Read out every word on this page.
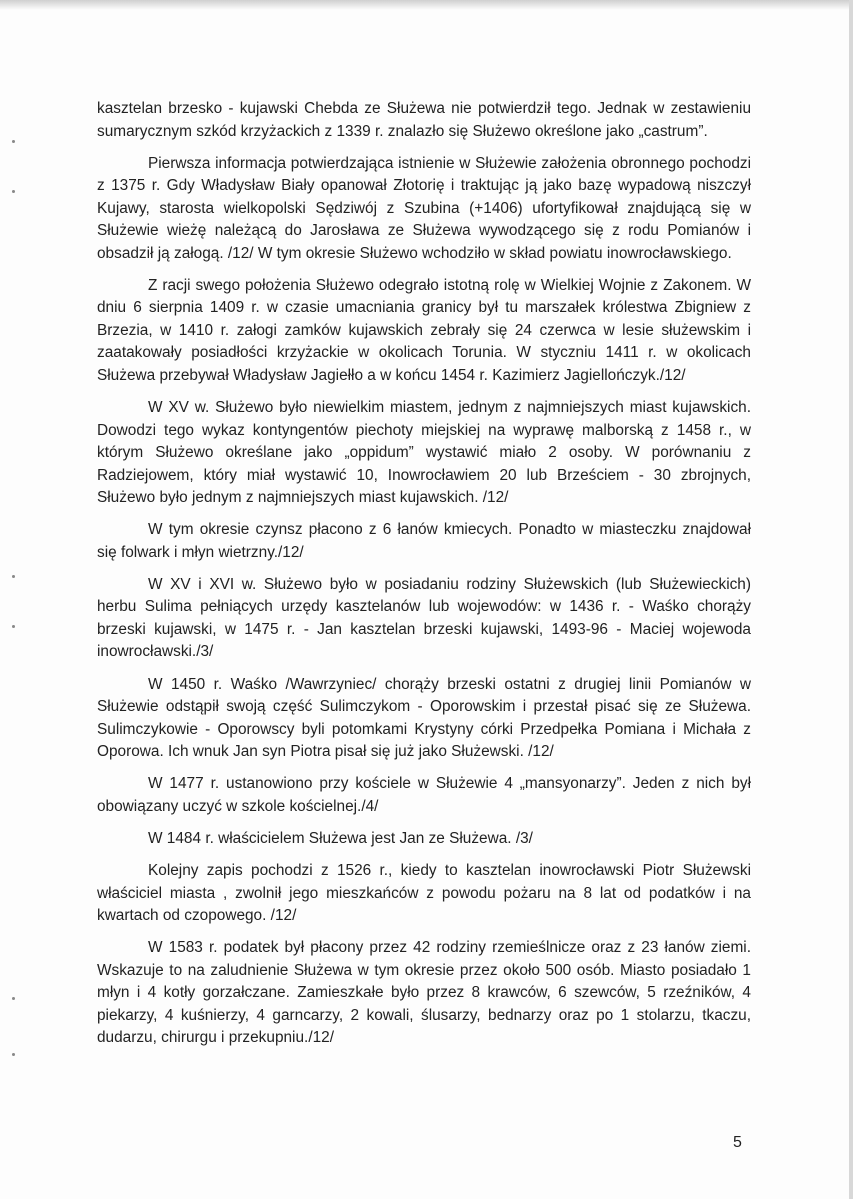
kasztelan brzesko - kujawski Chebda ze Służewa nie potwierdził tego. Jednak w zestawieniu sumarycznym szkód krzyżackich z 1339 r. znalazło się Służewo określone jako „castrum”.

Pierwsza informacja potwierdzająca istnienie w Służewie założenia obronnego pochodzi z 1375 r. Gdy Władysław Biały opanował Złotorię i traktując ją jako bazę wypadową niszczył Kujawy, starosta wielkopolski Sędziwój z Szubina (+1406) ufortyfikował znajdującą się w Służewie wieżę należącą do Jarosława ze Służewa wywodzącego się z rodu Pomianów i obsadził ją załogą. /12/ W tym okresie Służewo wchodziło w skład powiatu inowrocławskiego.

Z racji swego położenia Służewo odegrało istotną rolę w Wielkiej Wojnie z Zakonem. W dniu 6 sierpnia 1409 r. w czasie umacniania granicy był tu marszałek królestwa Zbigniew z Brzezia, w 1410 r. załogi zamków kujawskich zebrały się 24 czerwca w lesie służewskim i zaatakowały posiadłości krzyżackie w okolicach Torunia. W styczniu 1411 r. w okolicach Służewa przebywał Władysław Jagiełło a w końcu 1454 r. Kazimierz Jagiellończyk./12/

W XV w. Służewo było niewielkim miastem, jednym z najmniejszych miast kujawskich. Dowodzi tego wykaz kontyngentów piechoty miejskiej na wyprawę malborską z 1458 r., w którym Służewo określane jako „oppidum” wystawić miało 2 osoby. W porównaniu z Radziejowem, który miał wystawić 10, Inowrocławiem 20 lub Brześciem - 30 zbrojnych, Służewo było jednym z najmniejszych miast kujawskich. /12/

W tym okresie czynsz płacono z 6 łanów kmiecych. Ponadto w miasteczku znajdował się folwark i młyn wietrzny./12/

W XV i XVI w. Służewo było w posiadaniu rodziny Służewskich (lub Służewieckich) herbu Sulima pełniących urzędy kasztelanów lub wojewodów: w 1436 r. - Waśko chorąży brzeski kujawski, w 1475 r. - Jan kasztelan brzeski kujawski, 1493-96 - Maciej wojewoda inowrocławski./3/

W 1450 r. Waśko /Wawrzyniec/ chorąży brzeski ostatni z drugiej linii Pomianów w Służewie odstąpił swoją część Sulimczykom - Oporowskim i przestał pisać się ze Służewa. Sulimczykowie - Oporowscy byli potomkami Krystyny córki Przedpełka Pomiana i Michała z Oporowa. Ich wnuk Jan syn Piotra pisał się już jako Służewski. /12/

W 1477 r. ustanowiono przy kościele w Służewie 4 „mansyonarzy”. Jeden z nich był obowiązany uczyć w szkole kościelnej./4/

W 1484 r. właścicielem Służewa jest Jan ze Służewa. /3/

Kolejny zapis pochodzi z 1526 r., kiedy to kasztelan inowrocławski Piotr Służewski właściciel miasta , zwolnił jego mieszkańców z powodu pożaru na 8 lat od podatków i na kwartach od czopowego. /12/

W 1583 r. podatek był płacony przez 42 rodziny rzemieślnicze oraz z 23 łanów ziemi. Wskazuje to na zaludnienie Służewa w tym okresie przez około 500 osób. Miasto posiadało 1 młyn i 4 kotły gorzałczane. Zamieszkałe było przez 8 krawców, 6 szewców, 5 rzeźników, 4 piekarzy, 4 kuśnierzy, 4 garncarzy, 2 kowali, ślusarzy, bednarzy oraz po 1 stolarzu, tkaczu, dudarzu, chirurgu i przekupniu./12/

5
